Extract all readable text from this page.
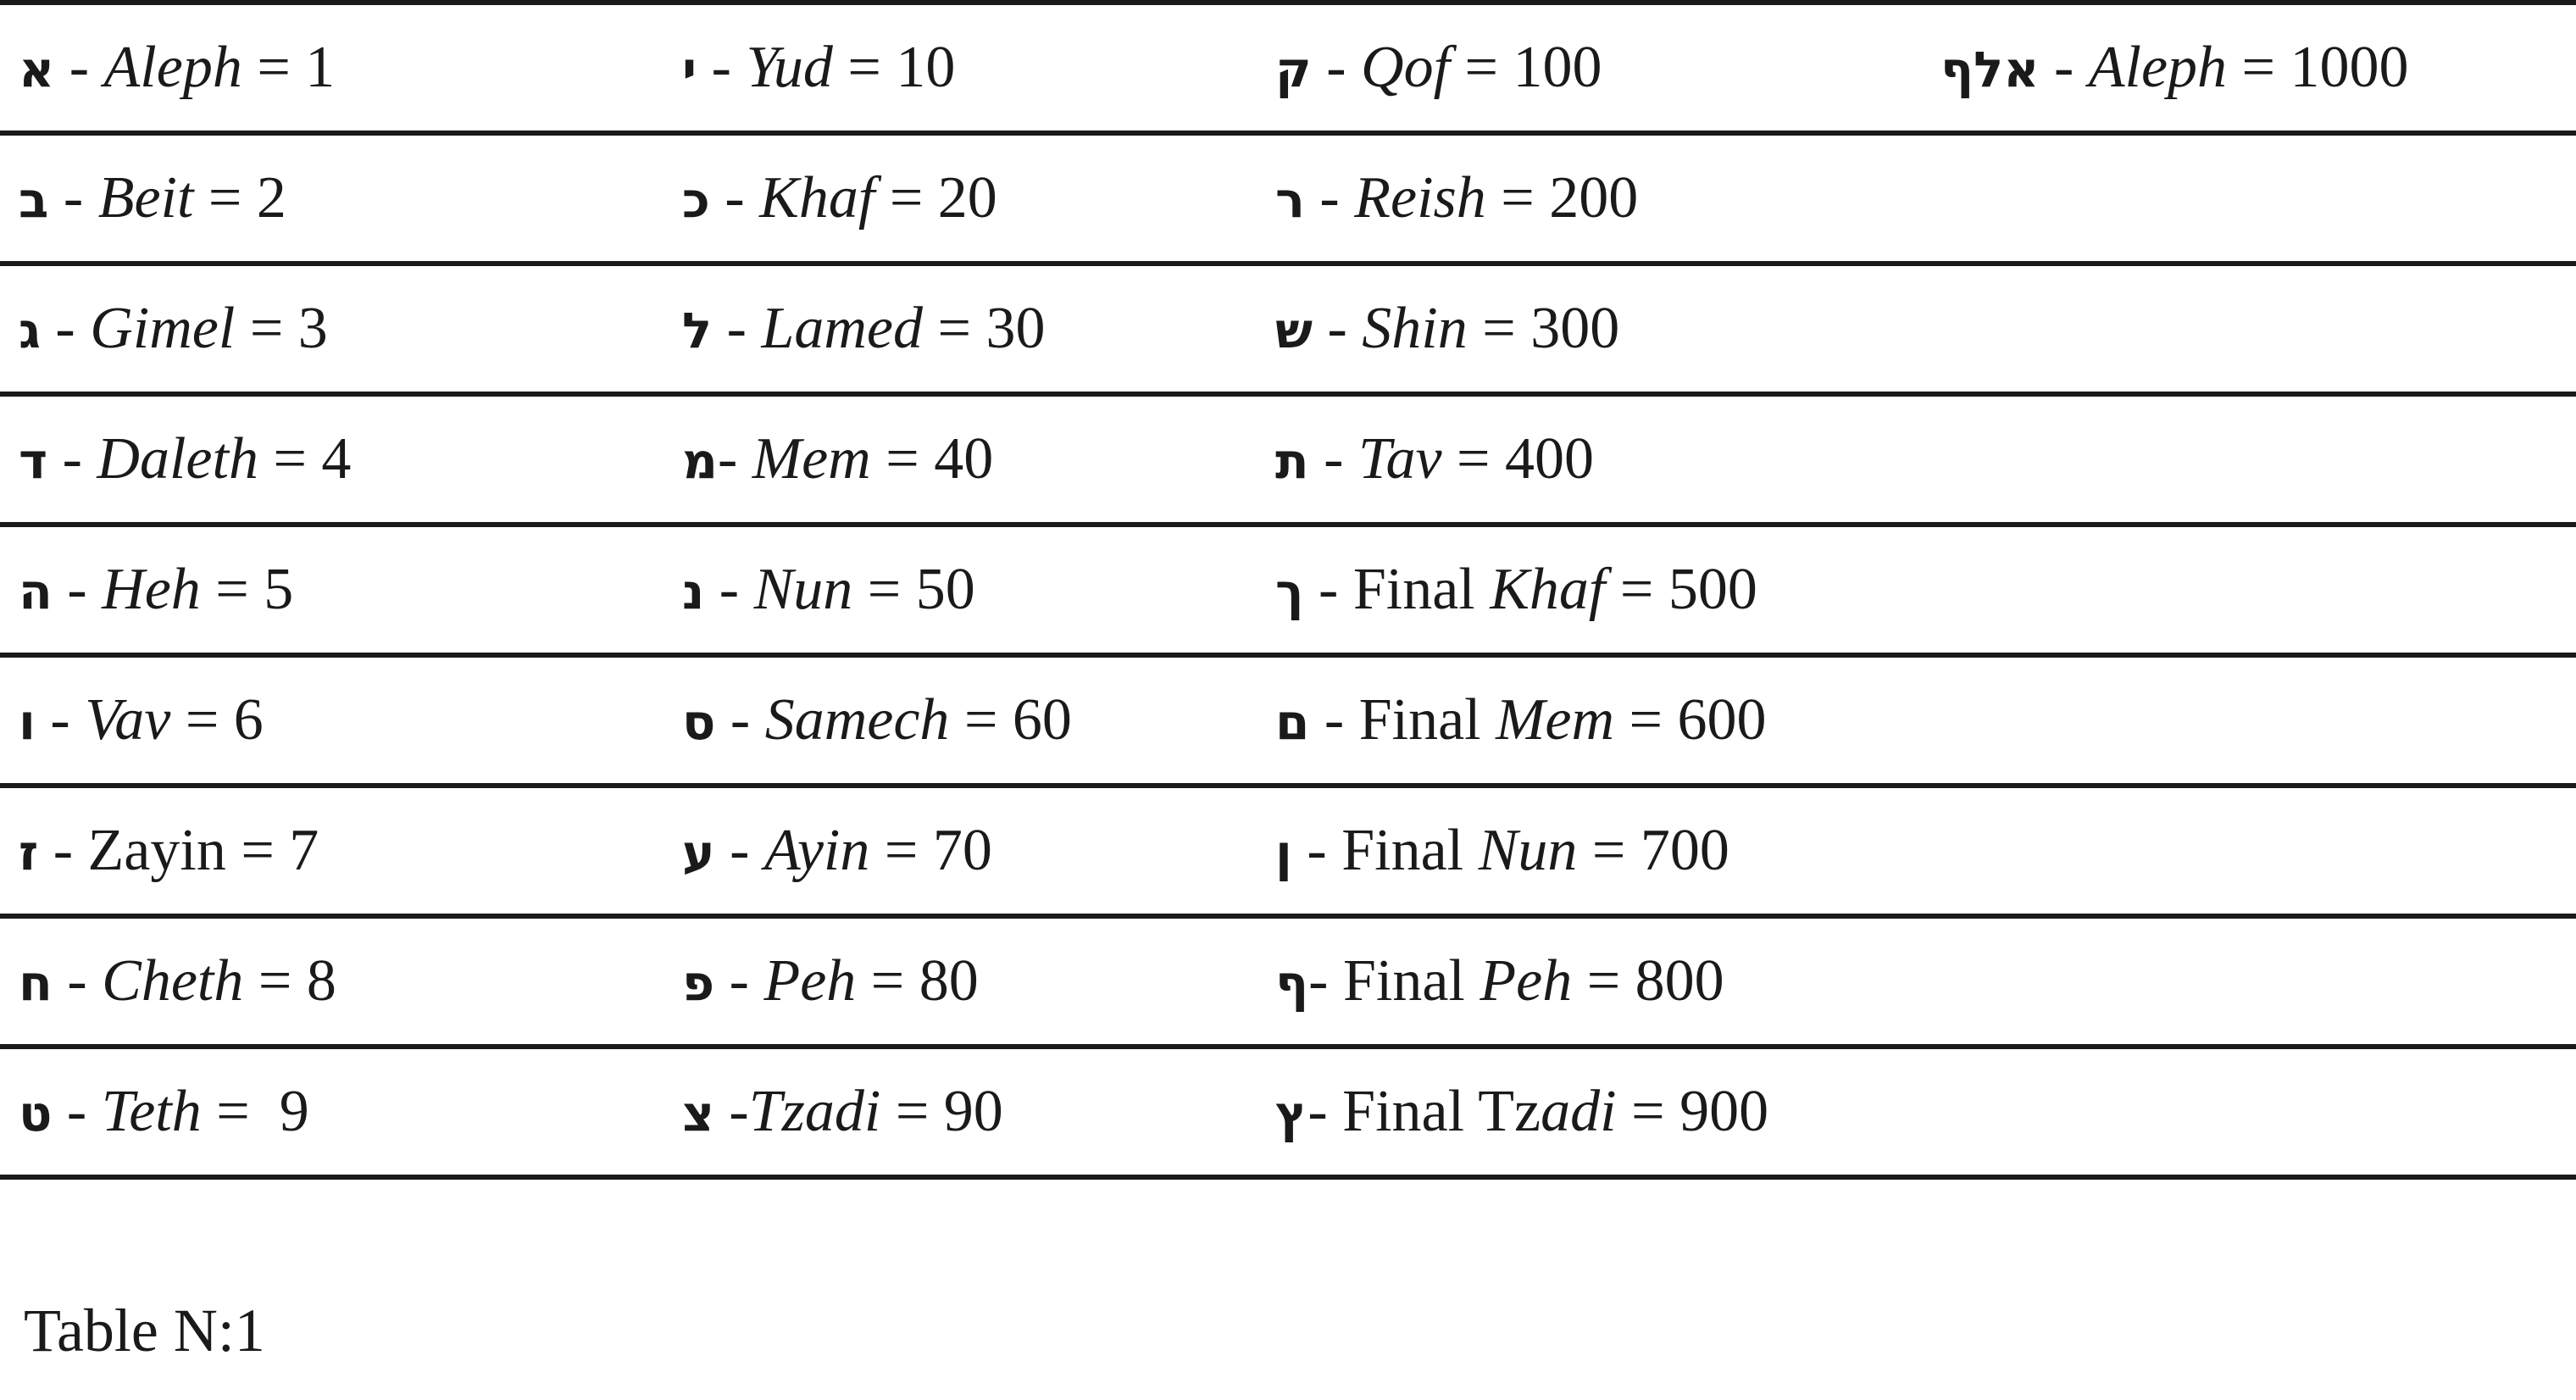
א - Aleph = 1	י - Yud = 10	ק - Qof = 100	אלף - Aleph = 1000
ב - Beit = 2	כ - Khaf = 20	ר - Reish = 200
ג - Gimel = 3	ל - Lamed = 30	ש - Shin = 300
ד - Daleth = 4	מ- Mem = 40	ת - Tav = 400
ה - Heh = 5	נ - Nun = 50	ך - Final Khaf = 500
ו - Vav = 6	ס - Samech = 60	ם - Final Mem = 600
ז - Zayin = 7	ע - Ayin = 70	ן - Final Nun = 700
ח - Cheth = 8	פ - Peh = 80	ף- Final Peh = 800
ט - Teth =  9	צ -Tzadi = 90	ץ- Final Tzadi = 900
Table N:1
